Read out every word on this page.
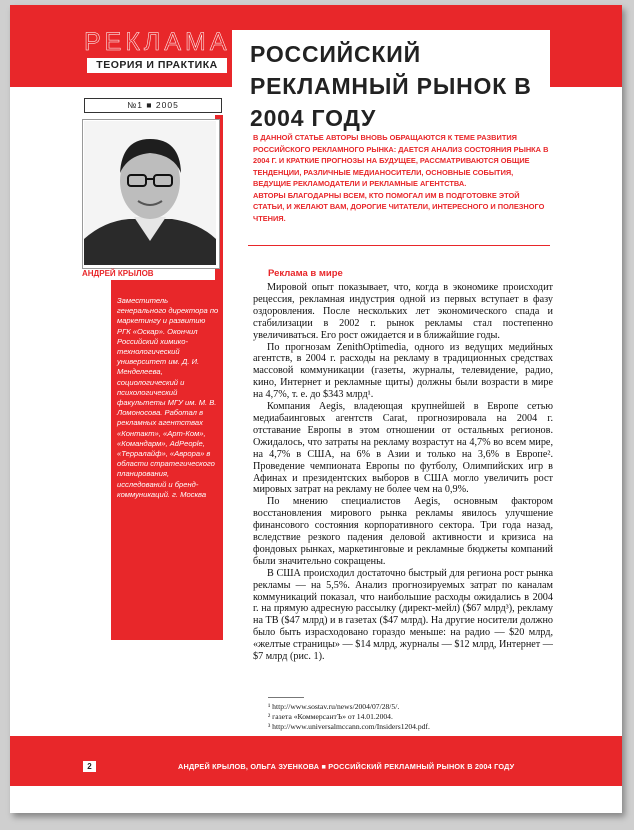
РЕКЛАМА
ТЕОРИЯ И ПРАКТИКА	РОССИЙСКИЙ РЕКЛАМНЫЙ РЫНОК В 2004 ГОДУ
№1 ■ 2005
АНДРЕЙ КРЫЛОВ
Заместитель генерального директора по маркетингу и развитию РГК «Оскар». Окончил Российский химико-технологический университет им. Д. И. Менделеева, социологический и психологический факультеты МГУ им. М. В. Ломоносова. Работал в рекламных агентствах «Контакт», «Арт-Ком», «Командарм», AdPeople, «Терралайф», «Аврора» в области стратегического планирования, исследований и бренд-коммуникаций. г. Москва

В ДАННОЙ СТАТЬЕ АВТОРЫ ВНОВЬ ОБРАЩАЮТСЯ К ТЕМЕ РАЗВИТИЯ РОССИЙСКОГО РЕКЛАМНОГО РЫНКА: ДАЕТСЯ АНАЛИЗ СОСТОЯНИЯ РЫНКА В 2004 Г. И КРАТКИЕ ПРОГНОЗЫ НА БУДУЩЕЕ, РАССМАТРИВАЮТСЯ ОБЩИЕ ТЕНДЕНЦИИ, РАЗЛИЧНЫЕ МЕДИАНОСИТЕЛИ, ОСНОВНЫЕ СОБЫТИЯ, ВЕДУЩИЕ РЕКЛАМОДАТЕЛИ И РЕКЛАМНЫЕ АГЕНТСТВА.

АВТОРЫ БЛАГОДАРНЫ ВСЕМ, КТО ПОМОГАЛ ИМ В ПОДГОТОВКЕ ЭТОЙ СТАТЬИ, И ЖЕЛАЮТ ВАМ, ДОРОГИЕ ЧИТАТЕЛИ, ИНТЕРЕСНОГО И ПОЛЕЗНОГО ЧТЕНИЯ.

Реклама в мире

Мировой опыт показывает, что, когда в экономике происходит рецессия, рекламная индустрия одной из первых вступает в фазу оздоровления. После нескольких лет экономического спада и стабилизации в 2002 г. рынок рекламы стал постепенно увеличиваться. Его рост ожидается и в ближайшие годы.

По прогнозам ZenithOptimedia, одного из ведущих медийных агентств, в 2004 г. расходы на рекламу в традиционных средствах массовой коммуникации (газеты, журналы, телевидение, радио, кино, Интернет и рекламные щиты) должны были возрасти в мире на 4,7%, т. е. до $343 млрд¹.

Компания Aegis, владеющая крупнейшей в Европе сетью медиабаинговых агентств Carat, прогнозировала на 2004 г. отставание Европы в этом отношении от остальных регионов. Ожидалось, что затраты на рекламу возрастут на 4,7% во всем мире, на 4,7% в США, на 6% в Азии и только на 3,6% в Европе². Проведение чемпионата Европы по футболу, Олимпийских игр в Афинах и президентских выборов в США могло увеличить рост мировых затрат на рекламу не более чем на 0,9%.

По мнению специалистов Aegis, основным фактором восстановления мирового рынка рекламы явилось улучшение финансового состояния корпоративного сектора. Три года назад, вследствие резкого падения деловой активности и кризиса на фондовых рынках, маркетинговые и рекламные бюджеты компаний были значительно сокращены.

В США происходил достаточно быстрый для региона рост рынка рекламы — на 5,5%. Анализ прогнозируемых затрат по каналам коммуникаций показал, что наибольшие расходы ожидались в 2004 г. на прямую адресную рассылку (директ-мейл) ($67 млрд³), рекламу на ТВ ($47 млрд) и в газетах ($47 млрд). На другие носители должно было быть израсходовано гораздо меньше: на радио — $20 млрд, «желтые страницы» — $14 млрд, журналы — $12 млрд, Интернет — $7 млрд (рис. 1).

¹ http://www.sostav.ru/news/2004/07/28/5/.
² газета «КоммерсантЪ» от 14.01.2004.
³ http://www.universalmccann.com/Insiders1204.pdf.
2	АНДРЕЙ КРЫЛОВ, ОЛЬГА ЗУЕНКОВА ■ РОССИЙСКИЙ РЕКЛАМНЫЙ РЫНОК В 2004 ГОДУ
